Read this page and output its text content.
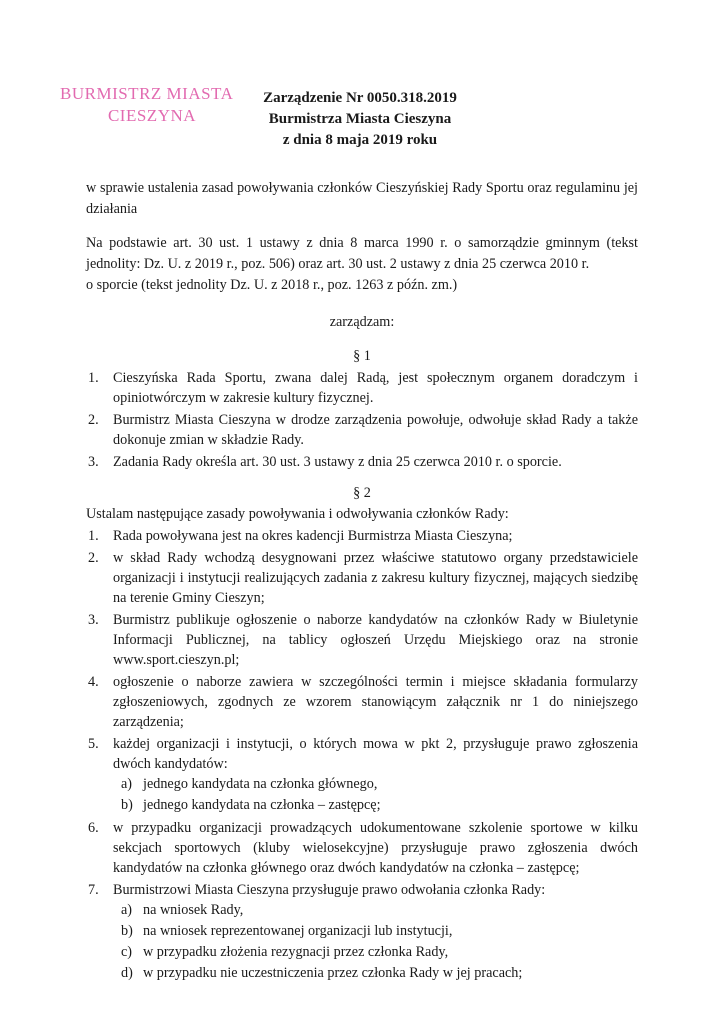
BURMISTRZ MIASTA
CIESZYNA
Zarządzenie Nr 0050.318.2019
Burmistrza Miasta Cieszyna
z dnia 8 maja 2019 roku
w sprawie ustalenia zasad powoływania członków Cieszyńskiej Rady Sportu oraz regulaminu jej działania
Na podstawie art. 30 ust. 1 ustawy z dnia 8 marca 1990 r. o samorządzie gminnym (tekst jednolity: Dz. U. z 2019 r., poz. 506) oraz art. 30 ust. 2 ustawy z dnia 25 czerwca 2010 r.
o sporcie (tekst jednolity Dz. U. z 2018 r., poz. 1263 z późn. zm.)
zarządzam:
§ 1
1. Cieszyńska Rada Sportu, zwana dalej Radą, jest społecznym organem doradczym i opiniotwórczym w zakresie kultury fizycznej.
2. Burmistrz Miasta Cieszyna w drodze zarządzenia powołuje, odwołuje skład Rady a także dokonuje zmian w składzie Rady.
3. Zadania Rady określa art. 30 ust. 3 ustawy z dnia 25 czerwca 2010 r. o sporcie.
§ 2
Ustalam następujące zasady powoływania i odwoływania członków Rady:
1. Rada powoływana jest na okres kadencji Burmistrza Miasta Cieszyna;
2. w skład Rady wchodzą desygnowani przez właściwe statutowo organy przedstawiciele organizacji i instytucji realizujących zadania z zakresu kultury fizycznej, mających siedzibę na terenie Gminy Cieszyn;
3. Burmistrz publikuje ogłoszenie o naborze kandydatów na członków Rady w Biuletynie Informacji Publicznej, na tablicy ogłoszeń Urzędu Miejskiego oraz na stronie www.sport.cieszyn.pl;
4. ogłoszenie o naborze zawiera w szczególności termin i miejsce składania formularzy zgłoszeniowych, zgodnych ze wzorem stanowiącym załącznik nr 1 do niniejszego zarządzenia;
5. każdej organizacji i instytucji, o których mowa w pkt 2, przysługuje prawo zgłoszenia dwóch kandydatów:
a) jednego kandydata na członka głównego,
b) jednego kandydata na członka – zastępcę;
6. w przypadku organizacji prowadzących udokumentowane szkolenie sportowe w kilku sekcjach sportowych (kluby wielosekcyjne) przysługuje prawo zgłoszenia dwóch kandydatów na członka głównego oraz dwóch kandydatów na członka – zastępcę;
7. Burmistrzowi Miasta Cieszyna przysługuje prawo odwołania członka Rady:
a) na wniosek Rady,
b) na wniosek reprezentowanej organizacji lub instytucji,
c) w przypadku złożenia rezygnacji przez członka Rady,
d) w przypadku nie uczestniczenia przez członka Rady w jej pracach;
